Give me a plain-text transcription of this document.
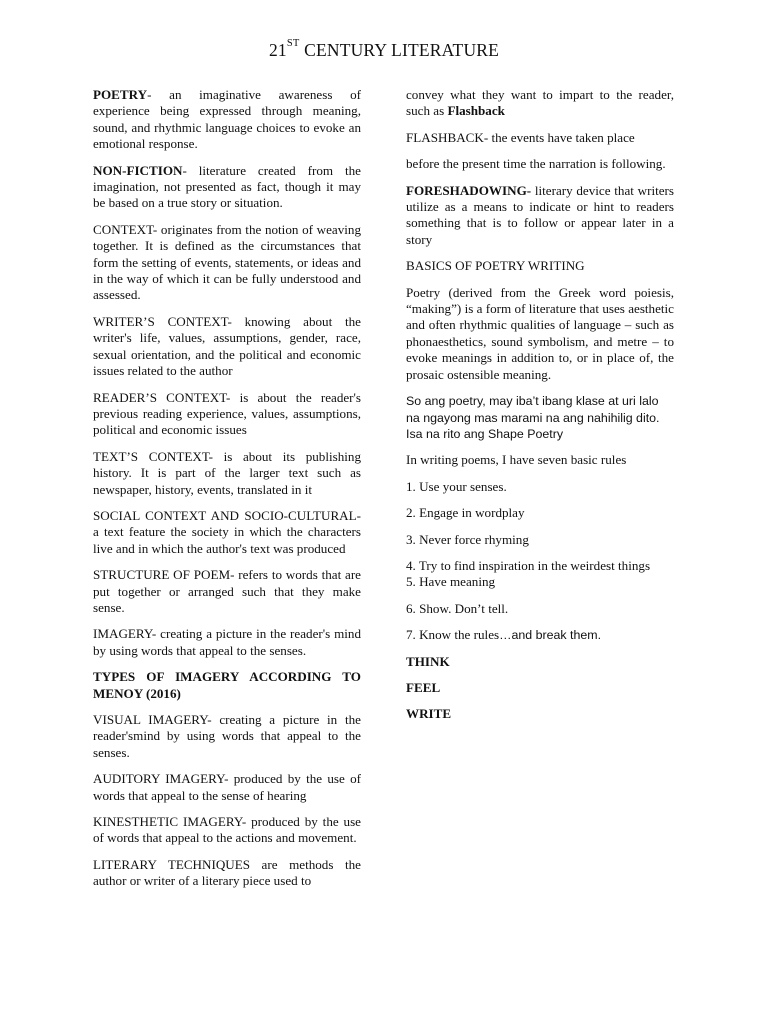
21ST CENTURY LITERATURE

POETRY- an imaginative awareness of experience being expressed through meaning, sound, and rhythmic language choices to evoke an emotional response.

NON-FICTION- literature created from the imagination, not presented as fact, though it may be based on a true story or situation.

CONTEXT- originates from the notion of weaving together. It is defined as the circumstances that form the setting of events, statements, or ideas and in the way of which it can be fully understood and assessed.

WRITER’S CONTEXT- knowing about the writer's life, values, assumptions, gender, race, sexual orientation, and the political and economic issues related to the author

READER’S CONTEXT- is about the reader's previous reading experience, values, assumptions, political and economic issues

TEXT’S CONTEXT- is about its publishing history. It is part of the larger text such as newspaper, history, events, translated in it

SOCIAL CONTEXT AND SOCIO-CULTURAL- a text feature the society in which the characters live and in which the author's text was produced

STRUCTURE OF POEM- refers to words that are put together or arranged such that they make sense.

IMAGERY- creating a picture in the reader's mind by using words that appeal to the senses.

TYPES OF IMAGERY ACCORDING TO MENOY (2016)

VISUAL IMAGERY- creating a picture in the reader'smind by using words that appeal to the senses.

AUDITORY IMAGERY- produced by the use of words that appeal to the sense of hearing

KINESTHETIC IMAGERY- produced by the use of words that appeal to the actions and movement.

LITERARY TECHNIQUES are methods the author or writer of a literary piece used to

convey what they want to impart to the reader, such as Flashback

FLASHBACK- the events have taken place

before the present time the narration is following.

FORESHADOWING- literary device that writers utilize as a means to indicate or hint to readers something that is to follow or appear later in a story

BASICS OF POETRY WRITING

Poetry (derived from the Greek word poiesis, “making”) is a form of literature that uses aesthetic and often rhythmic qualities of language – such as phonaesthetics, sound symbolism, and metre – to evoke meanings in addition to, or in place of, the prosaic ostensible meaning.

So ang poetry, may iba’t ibang klase at uri lalo na ngayong mas marami na ang nahihilig dito. Isa na rito ang Shape Poetry

In writing poems, I have seven basic rules

1. Use your senses.

2. Engage in wordplay

3. Never force rhyming

4. Try to find inspiration in the weirdest things

5. Have meaning

6. Show. Don’t tell.

7. Know the rules…and break them.

THINK

FEEL

WRITE
